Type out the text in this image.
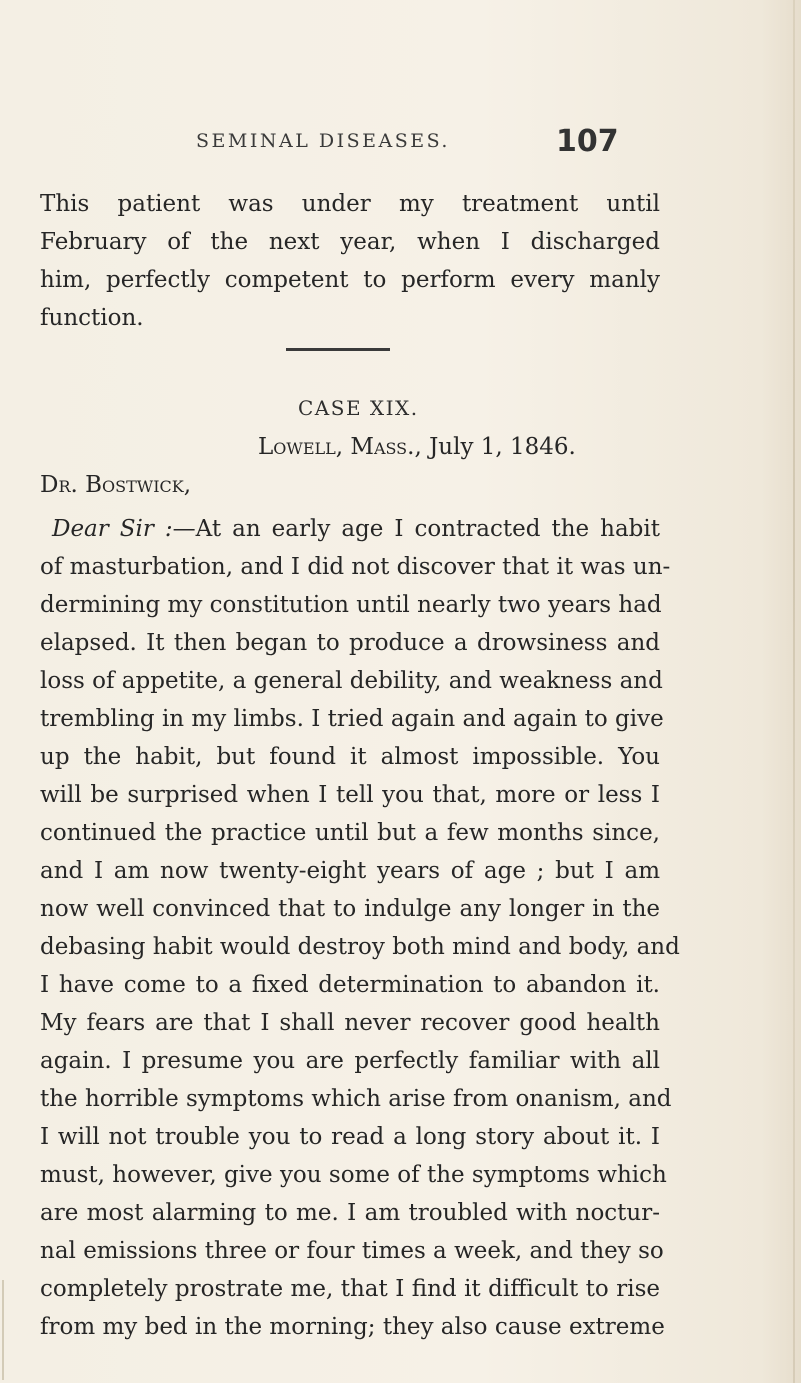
SEMINAL DISEASES.	107
This patient was under my treatment until
February of the next year, when I discharged
him, perfectly competent to perform every manly
function.
CASE XIX.
Lowell, Mass., July 1, 1846.
Dr. Bostwick,
Dear Sir :—At an early age I contracted the habit
of masturbation, and I did not discover that it was un-
dermining my constitution until nearly two years had
elapsed. It then began to produce a drowsiness and
loss of appetite, a general debility, and weakness and
trembling in my limbs. I tried again and again to give
up the habit, but found it almost impossible. You
will be surprised when I tell you that, more or less I
continued the practice until but a few months since,
and I am now twenty-eight years of age ; but I am
now well convinced that to indulge any longer in the
debasing habit would destroy both mind and body, and
I have come to a fixed determination to abandon it.
My fears are that I shall never recover good health
again. I presume you are perfectly familiar with all
the horrible symptoms which arise from onanism, and
I will not trouble you to read a long story about it. I
must, however, give you some of the symptoms which
are most alarming to me. I am troubled with noctur-
nal emissions three or four times a week, and they so
completely prostrate me, that I find it difficult to rise
from my bed in the morning; they also cause extreme
